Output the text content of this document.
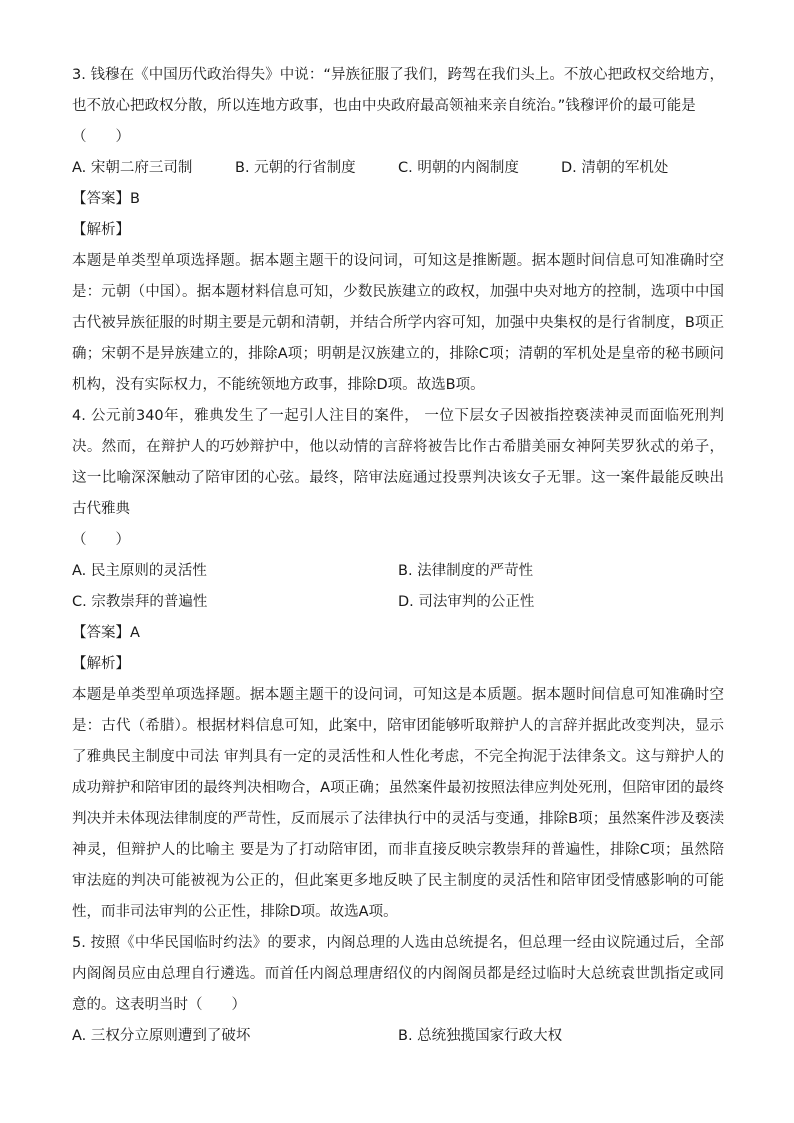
3. 钱穆在《中国历代政治得失》中说：“异族征服了我们，跨驾在我们头上。不放心把政权交给地方，也不放心把政权分散，所以连地方政事，也由中央政府最高领袖来亲自统治。”钱穆评价的最可能是

（　　）

A. 宋朝二府三司制	B. 元朝的行省制度	C. 明朝的内阁制度	D. 清朝的军机处

【答案】B

【解析】

本题是单类型单项选择题。据本题主题干的设问词，可知这是推断题。据本题时间信息可知准确时空是：元朝（中国）。据本题材料信息可知，少数民族建立的政权，加强中央对地方的控制，选项中中国古代被异族征服的时期主要是元朝和清朝，并结合所学内容可知，加强中央集权的是行省制度，B项正确；宋朝不是异族建立的，排除A项；明朝是汉族建立的，排除C项；清朝的军机处是皇帝的秘书顾问机构，没有实际权力，不能统领地方政事，排除D项。故选B项。

4. 公元前340年，雅典发生了一起引人注目的案件， 一位下层女子因被指控亵渎神灵而面临死刑判决。然而，在辩护人的巧妙辩护中，他以动情的言辞将被告比作古希腊美丽女神阿芙罗狄忒的弟子，这一比喻深深触动了陪审团的心弦。最终，陪审法庭通过投票判决该女子无罪。这一案件最能反映出古代雅典

（　　）

A. 民主原则的灵活性	B. 法律制度的严苛性
C. 宗教崇拜的普遍性	D. 司法审判的公正性

【答案】A

【解析】

本题是单类型单项选择题。据本题主题干的设问词，可知这是本质题。据本题时间信息可知准确时空是：古代（希腊）。根据材料信息可知，此案中，陪审团能够听取辩护人的言辞并据此改变判决，显示了雅典民主制度中司法 审判具有一定的灵活性和人性化考虑，不完全拘泥于法律条文。这与辩护人的成功辩护和陪审团的最终判决相吻合，A项正确；虽然案件最初按照法律应判处死刑，但陪审团的最终判决并未体现法律制度的严苛性，反而展示了法律执行中的灵活与变通，排除B项；虽然案件涉及亵渎神灵，但辩护人的比喻主 要是为了打动陪审团，而非直接反映宗教崇拜的普遍性，排除C项；虽然陪审法庭的判决可能被视为公正的，但此案更多地反映了民主制度的灵活性和陪审团受情感影响的可能性，而非司法审判的公正性，排除D项。故选A项。

5. 按照《中华民国临时约法》的要求，内阁总理的人选由总统提名，但总理一经由议院通过后，全部内阁阁员应由总理自行遴选。而首任内阁总理唐绍仪的内阁阁员都是经过临时大总统袁世凯指定或同意的。这表明当时（　　）

A. 三权分立原则遭到了破坏	B. 总统独揽国家行政大权
